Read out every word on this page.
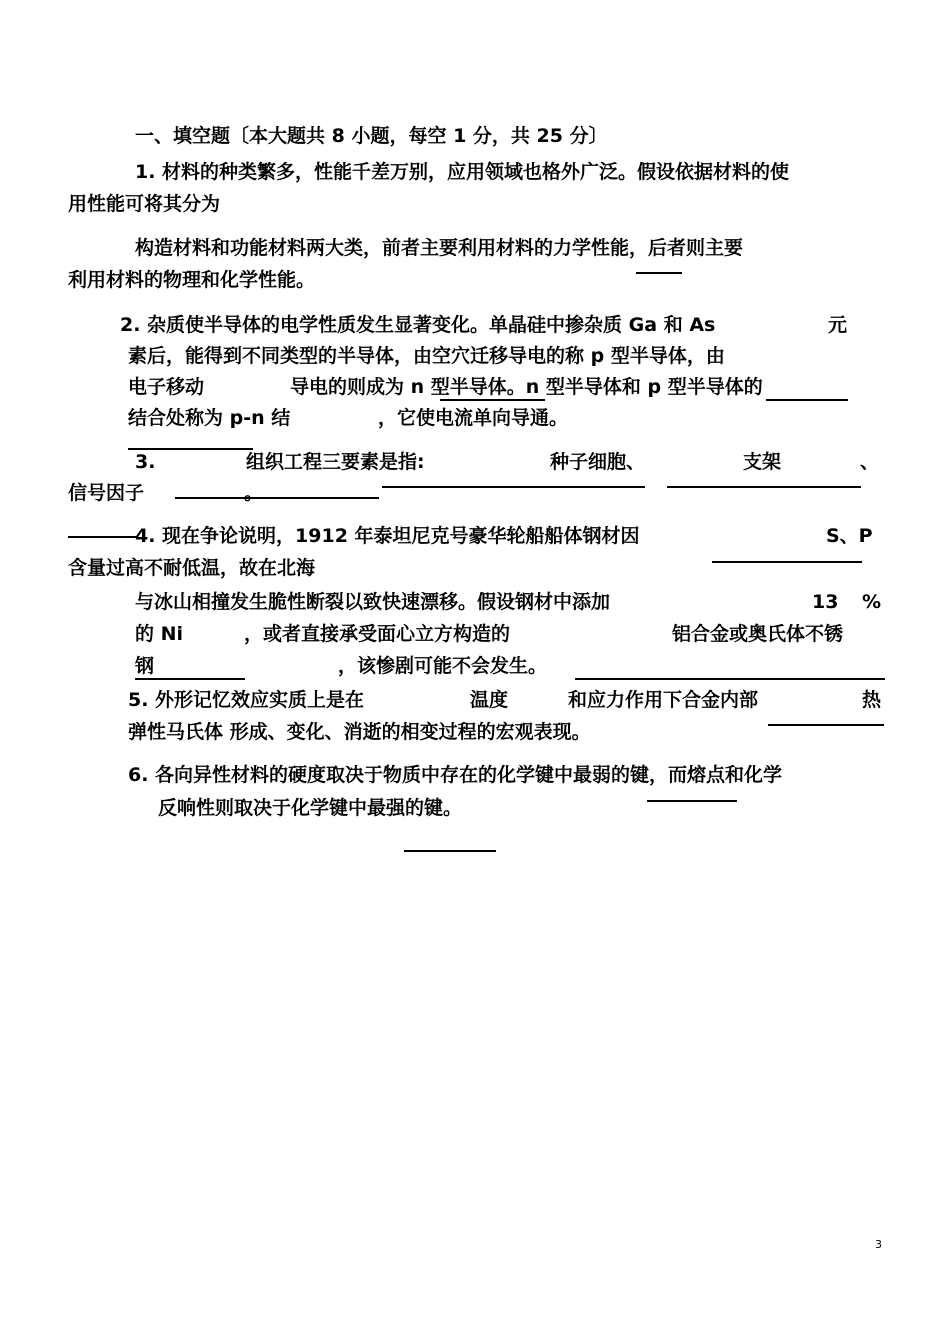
一、填空题〔本大题共 8 小题，每空 1 分，共 25 分〕
1. 材料的种类繁多，性能千差万别，应用领域也格外广泛。假设依据材料的使
用性能可将其分为
构造材料和功能材料两大类，前者主要利用材料的力学性能，后者则主要
利用材料的物理和化学性能。
2. 杂质使半导体的电学性质发生显著变化。单晶硅中掺杂质 Ga 和 As	元
素后，能得到不同类型的半导体，由空穴迁移导电的称 p 型半导体，由
电子移动	导电的则成为 n 型半导体。n 型半导体和 p 型半导体的
结合处称为 p-n 结	，它使电流单向导通。
3.	组织工程三要素是指:	种子细胞、	支架	、
信号因子	。
4. 现在争论说明，1912 年泰坦尼克号豪华轮船船体钢材因	S、P
含量过高不耐低温，故在北海
与冰山相撞发生脆性断裂以致快速漂移。假设钢材中添加	13 %
的 Ni	，或者直接承受面心立方构造的	铝合金或奥氏体不锈
钢	，该惨剧可能不会发生。
5. 外形记忆效应实质上是在	温度	和应力作用下合金内部	热
弹性马氏体 形成、变化、消逝的相变过程的宏观表现。
6. 各向异性材料的硬度取决于物质中存在的化学键中最弱的键，而熔点和化学
反响性则取决于化学键中最强的键。
3
